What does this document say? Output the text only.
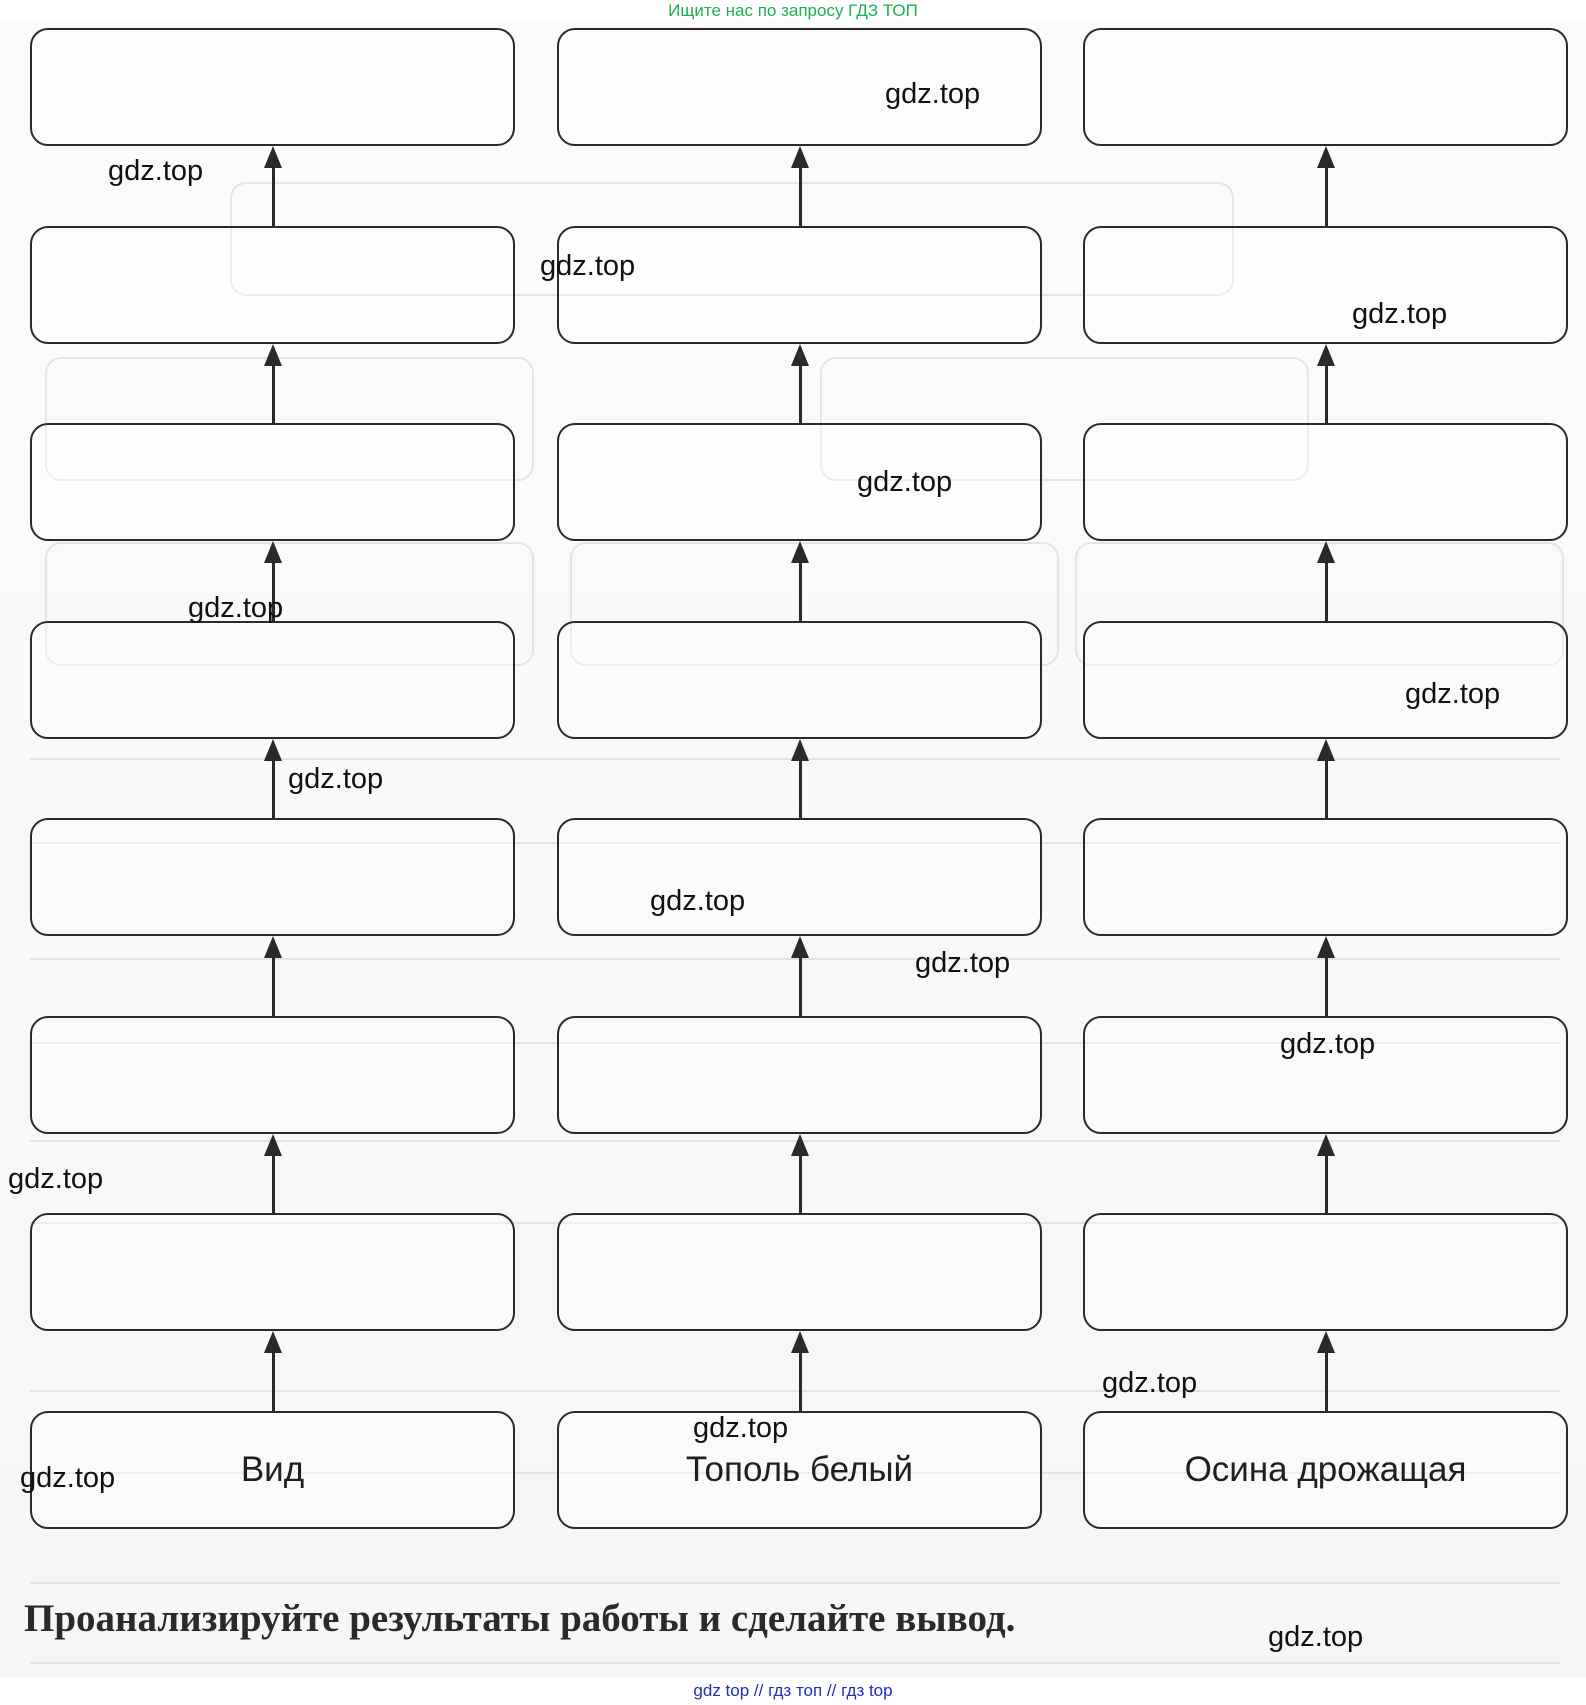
Ищите нас по запросу ГДЗ ТОП
Вид	Тополь белый	Осина дрожащая
Проанализируйте результаты работы и сделайте вывод.
gdz.top
gdz.top
gdz.top
gdz.top
gdz.top
gdz.top
gdz.top
gdz.top
gdz.top
gdz.top
gdz.top
gdz.top
gdz.top
gdz.top
gdz.top
gdz.top
gdz top // гдз топ // гдз top
